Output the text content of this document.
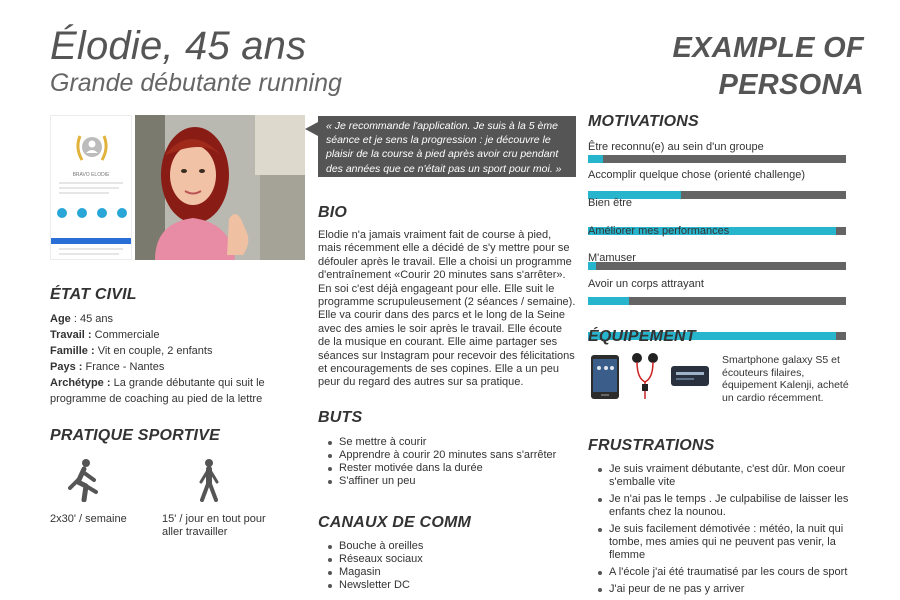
Élodie, 45 ans
Grande débutante running
EXAMPLE OF
PERSONA
BRAVO ELODIE
ÉTAT CIVIL
Age : 45 ans
Travail : Commerciale
Famille : Vit en couple, 2 enfants
Pays : France - Nantes
Archétype : La grande débutante qui suit le programme de coaching au pied de la lettre
PRATIQUE SPORTIVE
2x30' / semaine	15' / jour en tout pour aller travailler
« Je recommande l'application. Je suis à la 5 ème séance et je sens la progression : je découvre le plaisir de la course à pied après avoir cru pendant des années que ce n'était pas un sport pour moi. »
BIO
Elodie n'a jamais vraiment fait de course à pied, mais récemment elle a décidé de s'y mettre pour se défouler après le travail. Elle a choisi un programme d'entraînement «Courir 20 minutes sans s'arrêter». En soi c'est déjà engageant pour elle. Elle suit le programme scrupuleusement (2 séances / semaine). Elle va courir dans des parcs et le long de la Seine avec des amies le soir après le travail. Elle écoute de la musique en courant. Elle aime partager ses séances sur Instagram pour recevoir des félicitations et encouragements de ses copines. Elle a un peu peur du regard des autres sur sa pratique.
BUTS
Se mettre à courir
Apprendre à courir 20 minutes sans s'arrêter
Rester motivée dans la durée
S'affiner un peu
CANAUX DE COMM
Bouche à oreilles
Réseaux sociaux
Magasin
Newsletter DC
MOTIVATIONS
Être reconnu(e) au sein d'un groupe
Accomplir quelque chose (orienté challenge)
Bien être
Améliorer mes performances
M'amuser
Avoir un corps attrayant
ÉQUIPEMENT
Smartphone galaxy S5 et écouteurs filaires, équipement Kalenji, acheté un cardio récemment.
FRUSTRATIONS
Je suis vraiment débutante, c'est dûr. Mon coeur s'emballe vite
Je n'ai pas le temps . Je culpabilise de laisser les enfants chez la nounou.
Je suis facilement démotivée : météo, la nuit qui tombe, mes amies qui ne peuvent pas venir, la flemme
A l'école j'ai été traumatisé par les cours de sport
J'ai peur de ne pas y arriver
